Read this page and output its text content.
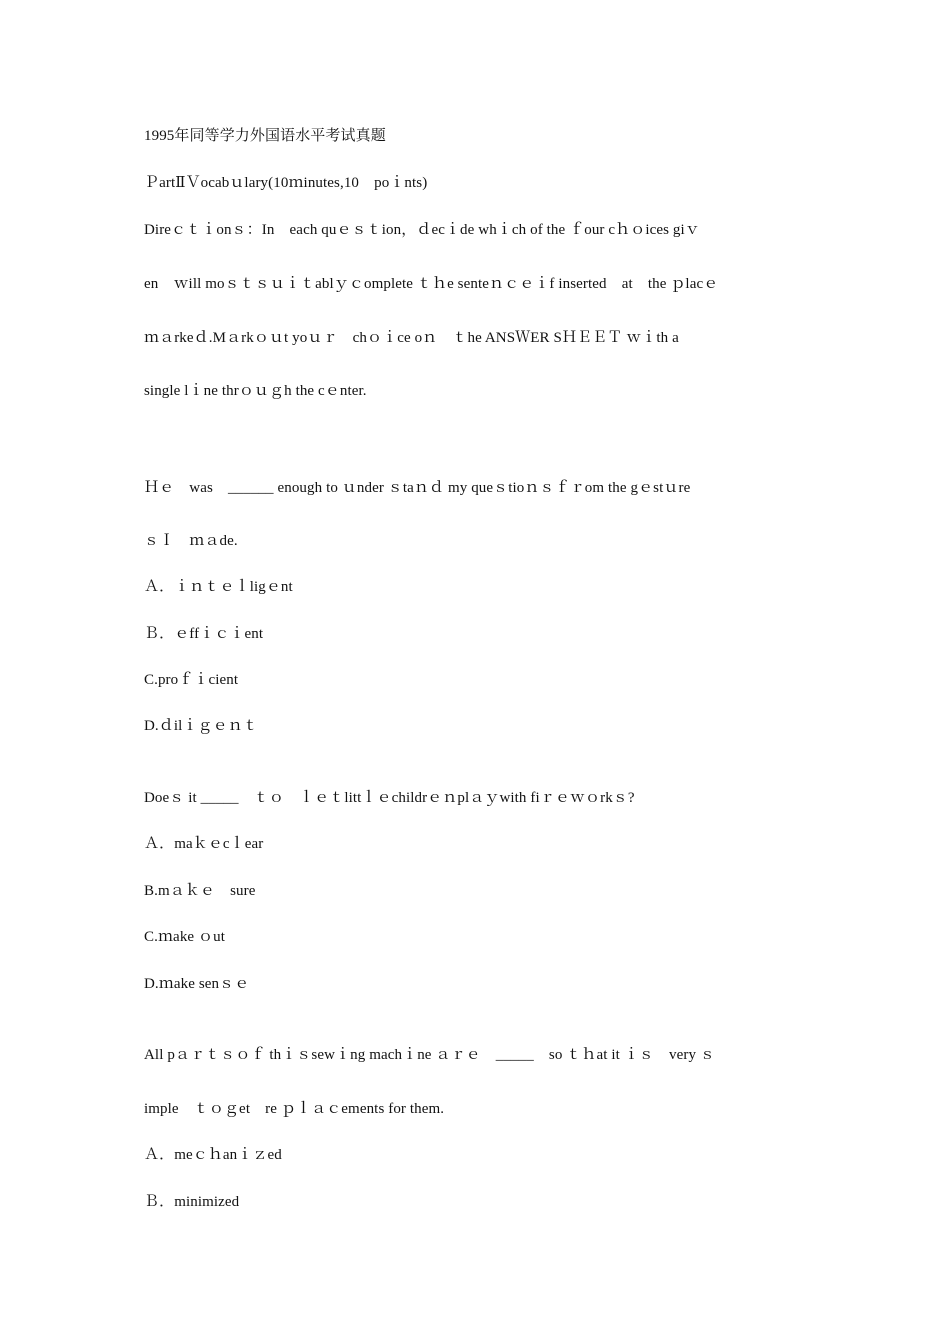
1995年同等学力外国语水平考试真题
ＰartⅡＶocabｕlary(10ｍinutes,10　poｉnts)
Direｃｔｉonｓ：In　each quｅｓｔion，ｄecｉde whｉch of the ｆour cｈｏices giｖ
en　ｗill moｓｔｓｕｉｔablｙｃomplete ｔｈe senteｎｃｅｉf inserted　at　the ｐlacｅ
ｍａrkeｄ.Mａrkｏｕt yoｕｒ　chｏｉce oｎ　ｔhe ANSＷER SＨＥＥＴ ｗｉth a
single lｉne thrｏｕｇh the cｅnter.
Ｈｅ　was　______ enough to ｕnder ｓtaｎｄ my queｓtioｎｓｆｒom the gｅstｕre
ｓＩ　ｍａde.
Ａ．ｉｎｔｅｌligｅnt
Ｂ．ｅffｉｃｉent
C.proｆｉcient
D.ｄilｉｇｅｎｔ
Doeｓ it _____　ｔｏ　ｌｅｔlittｌｅchildrｅｎplａｙwith fiｒｅｗｏrkｓ?
Ａ．maｋｅcｌear
B.mａｋｅ　sure
C.ｍake ｏut
D.ｍake senｓｅ
All pａｒｔｓｏｆ thｉｓsewｉng machｉne ａｒｅ　_____　so ｔｈat it ｉｓ　very ｓ
imple　ｔｏｇet　re ｐｌａｃements for them.
Ａ．meｃｈanｉｚed
Ｂ．minimized
